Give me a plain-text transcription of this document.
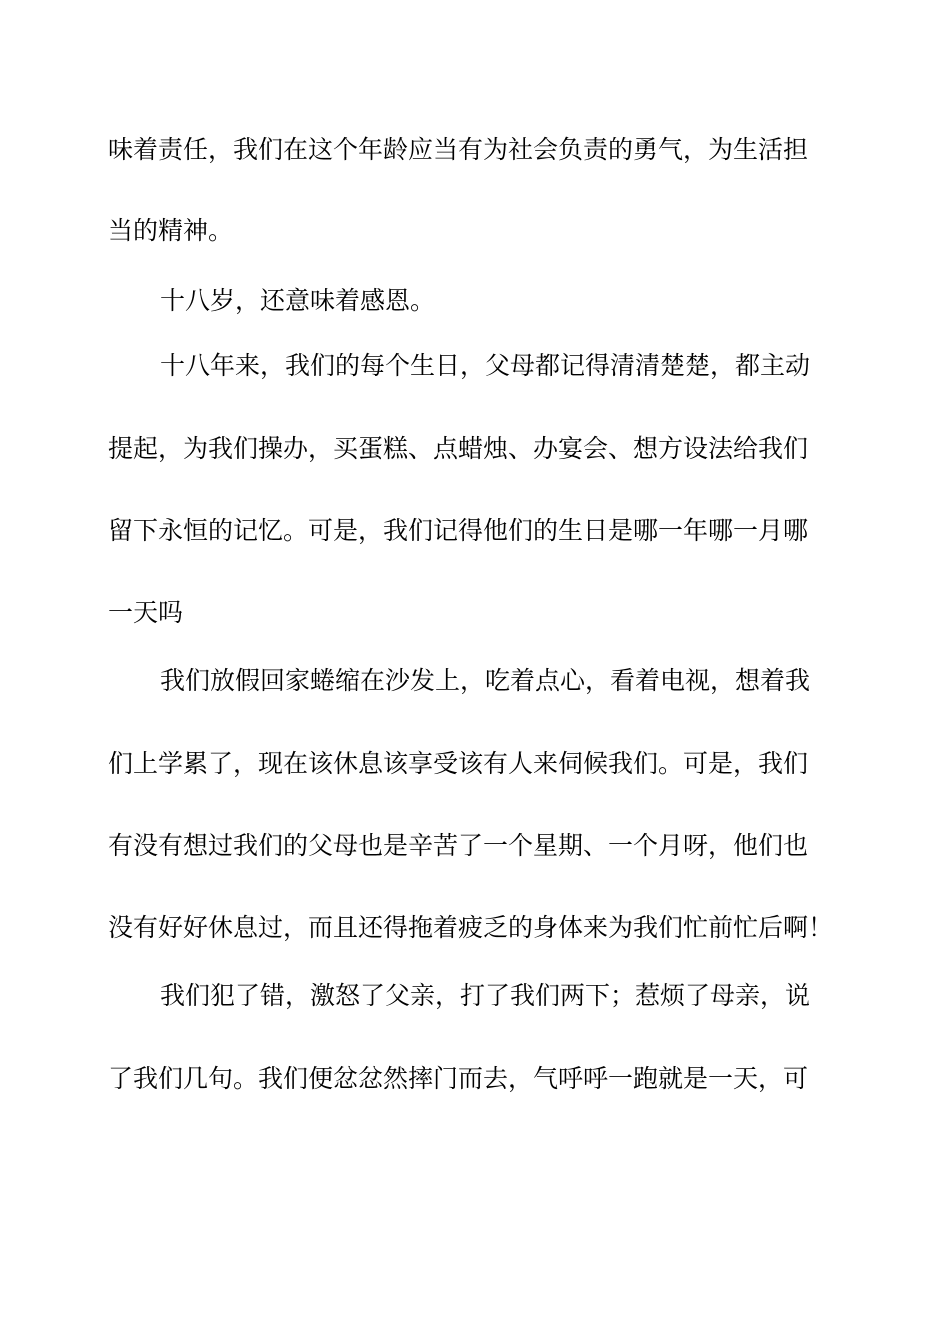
味着责任，我们在这个年龄应当有为社会负责的勇气，为生活担
当的精神。
十八岁，还意味着感恩。
十八年来，我们的每个生日，父母都记得清清楚楚，都主动
提起，为我们操办，买蛋糕、点蜡烛、办宴会、想方设法给我们
留下永恒的记忆。可是，我们记得他们的生日是哪一年哪一月哪
一天吗
我们放假回家蜷缩在沙发上，吃着点心，看着电视，想着我
们上学累了，现在该休息该享受该有人来伺候我们。可是，我们
有没有想过我们的父母也是辛苦了一个星期、一个月呀，他们也
没有好好休息过，而且还得拖着疲乏的身体来为我们忙前忙后啊！
我们犯了错，激怒了父亲，打了我们两下；惹烦了母亲，说
了我们几句。我们便忿忿然摔门而去，气呼呼一跑就是一天，可
